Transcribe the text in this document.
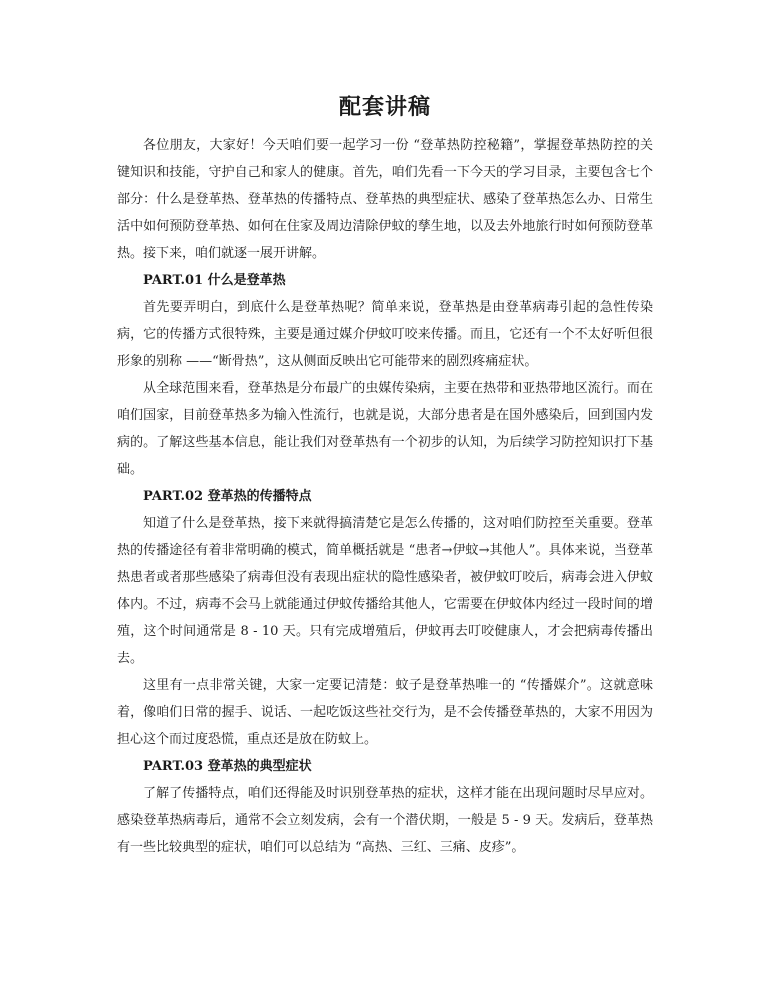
配套讲稿

各位朋友，大家好！今天咱们要一起学习一份 “登革热防控秘籍”，掌握登革热防控的关键知识和技能，守护自己和家人的健康。首先，咱们先看一下今天的学习目录，主要包含七个部分：什么是登革热、登革热的传播特点、登革热的典型症状、感染了登革热怎么办、日常生活中如何预防登革热、如何在住家及周边清除伊蚊的孳生地，以及去外地旅行时如何预防登革热。接下来，咱们就逐一展开讲解。

PART.01 什么是登革热

首先要弄明白，到底什么是登革热呢？简单来说，登革热是由登革病毒引起的急性传染病，它的传播方式很特殊，主要是通过媒介伊蚊叮咬来传播。而且，它还有一个不太好听但很形象的别称 ——“断骨热”，这从侧面反映出它可能带来的剧烈疼痛症状。

从全球范围来看，登革热是分布最广的虫媒传染病，主要在热带和亚热带地区流行。而在咱们国家，目前登革热多为输入性流行，也就是说，大部分患者是在国外感染后，回到国内发病的。了解这些基本信息，能让我们对登革热有一个初步的认知，为后续学习防控知识打下基础。

PART.02 登革热的传播特点

知道了什么是登革热，接下来就得搞清楚它是怎么传播的，这对咱们防控至关重要。登革热的传播途径有着非常明确的模式，简单概括就是 “患者→伊蚊→其他人”。具体来说，当登革热患者或者那些感染了病毒但没有表现出症状的隐性感染者，被伊蚊叮咬后，病毒会进入伊蚊体内。不过，病毒不会马上就能通过伊蚊传播给其他人，它需要在伊蚊体内经过一段时间的增殖，这个时间通常是 8 - 10 天。只有完成增殖后，伊蚊再去叮咬健康人，才会把病毒传播出去。

这里有一点非常关键，大家一定要记清楚：蚊子是登革热唯一的 “传播媒介”。这就意味着，像咱们日常的握手、说话、一起吃饭这些社交行为，是不会传播登革热的，大家不用因为担心这个而过度恐慌，重点还是放在防蚊上。

PART.03 登革热的典型症状

了解了传播特点，咱们还得能及时识别登革热的症状，这样才能在出现问题时尽早应对。感染登革热病毒后，通常不会立刻发病，会有一个潜伏期，一般是 5 - 9 天。发病后，登革热有一些比较典型的症状，咱们可以总结为 “高热、三红、三痛、皮疹”。
